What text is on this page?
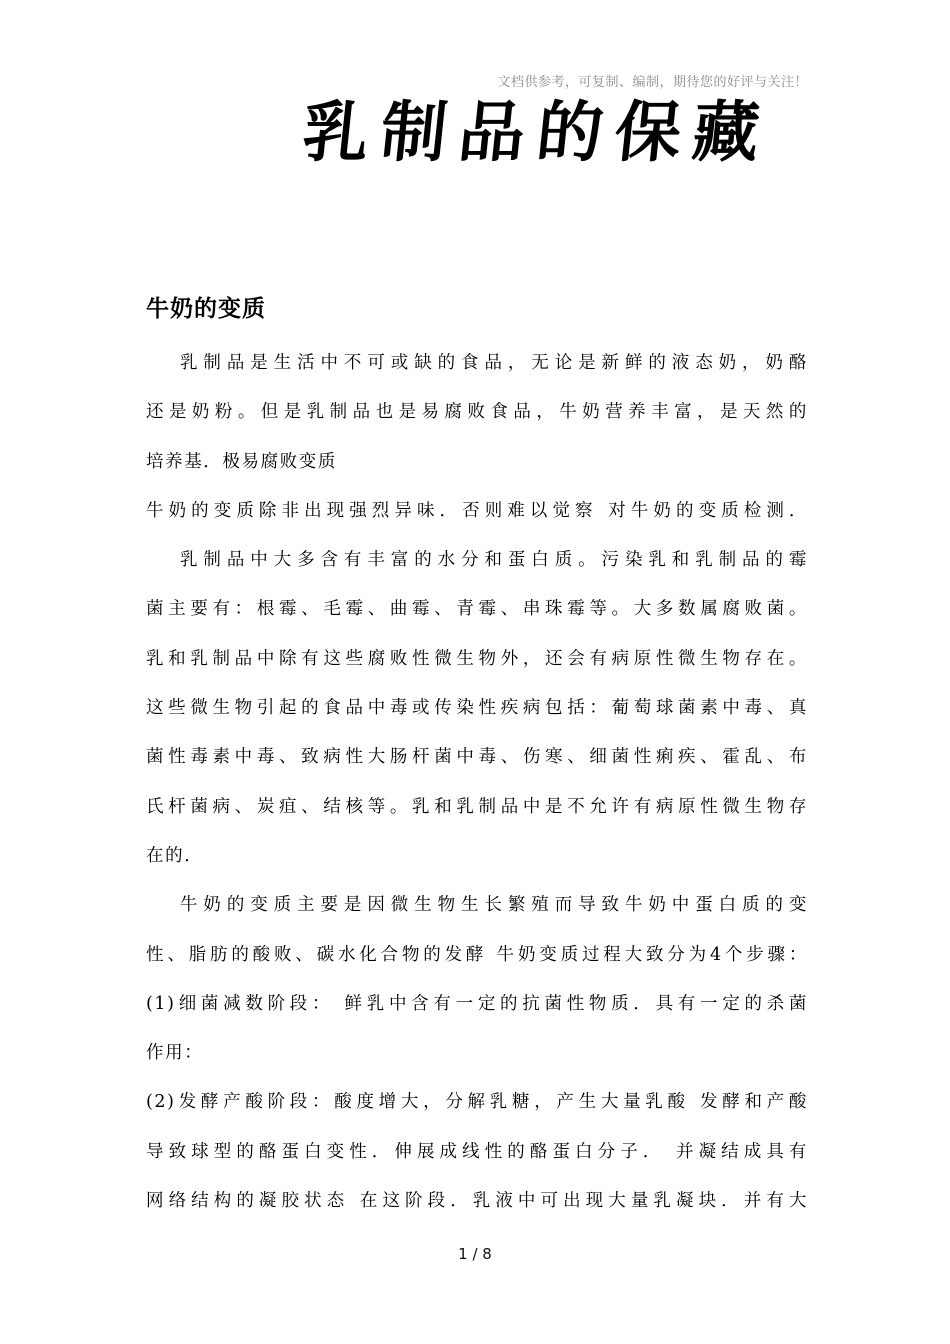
文档供参考，可复制、编制，期待您的好评与关注！
乳制品的保藏
牛奶的变质
乳制品是生活中不可或缺的食品，无论是新鲜的液态奶，奶酪
还是奶粉。但是乳制品也是易腐败食品，牛奶营养丰富，是天然的
培养基．极易腐败变质
牛奶的变质除非出现强烈异味．否则难以觉察 对牛奶的变质检测．
乳制品中大多含有丰富的水分和蛋白质。污染乳和乳制品的霉
菌主要有：根霉、毛霉、曲霉、青霉、串珠霉等。大多数属腐败菌。
乳和乳制品中除有这些腐败性微生物外，还会有病原性微生物存在。
这些微生物引起的食品中毒或传染性疾病包括：葡萄球菌素中毒、真
菌性毒素中毒、致病性大肠杆菌中毒、伤寒、细菌性痢疾、霍乱、布
氏杆菌病、炭疽、结核等。乳和乳制品中是不允许有病原性微生物存
在的．
牛奶的变质主要是因微生物生长繁殖而导致牛奶中蛋白质的变
性、脂肪的酸败、碳水化合物的发酵 牛奶变质过程大致分为4个步骤：
(1)细菌减数阶段： 鲜乳中含有一定的抗菌性物质．具有一定的杀菌
作用：
(2)发酵产酸阶段：酸度增大，分解乳糖，产生大量乳酸 发酵和产酸
导致球型的酪蛋白变性．伸展成线性的酪蛋白分子． 并凝结成具有
网络结构的凝胶状态 在这阶段．乳液中可出现大量乳凝块．并有大
1 / 8
